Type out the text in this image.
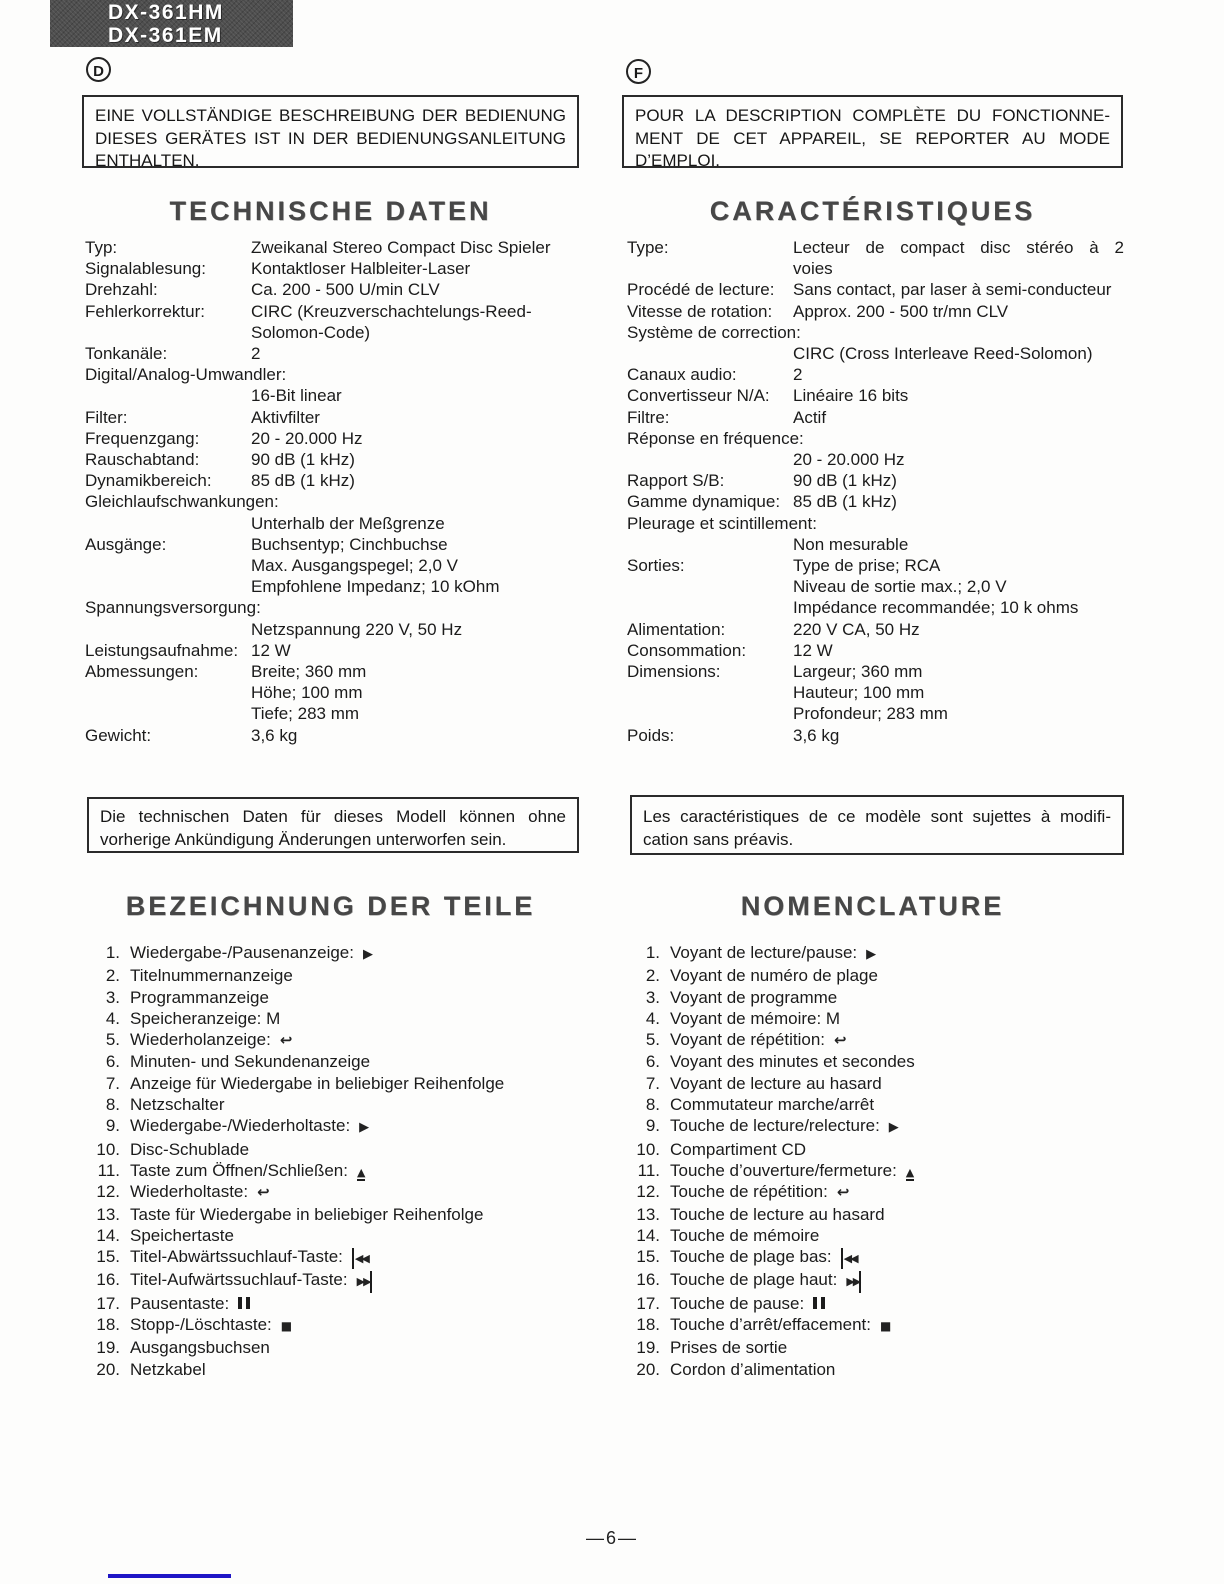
DX-361HM
DX-361EM
D	F
EINE VOLLSTÄNDIGE BESCHREIBUNG DER BEDIENUNG
DIESES GERÄTES IST IN DER BEDIENUNGSANLEITUNG
ENTHALTEN.
POUR LA DESCRIPTION COMPLÈTE DU FONCTIONNE-
MENT DE CET APPAREIL, SE REPORTER AU MODE
D’EMPLOI.
TECHNISCHE DATEN	CARACTÉRISTIQUES
Typ:	Zweikanal Stereo Compact Disc Spieler
Signalablesung:	Kontaktloser Halbleiter-Laser
Drehzahl:	Ca. 200 - 500 U/min CLV
Fehlerkorrektur:	CIRC (Kreuzverschachtelungs-Reed-
Solomon-Code)
Tonkanäle:	2
Digital/Analog-Umwandler:
16-Bit linear
Filter:	Aktivfilter
Frequenzgang:	20 - 20.000 Hz
Rauschabtand:	90 dB (1 kHz)
Dynamikbereich:	85 dB (1 kHz)
Gleichlaufschwankungen:
Unterhalb der Meßgrenze
Ausgänge:	Buchsentyp; Cinchbuchse
Max. Ausgangspegel; 2,0 V
Empfohlene Impedanz; 10 kOhm
Spannungsversorgung:
Netzspannung 220 V, 50 Hz
Leistungsaufnahme: 12 W
Abmessungen:	Breite; 360 mm
Höhe; 100 mm
Tiefe; 283 mm
Gewicht:	3,6 kg
Type:	Lecteur de compact disc stéréo à 2
voies
Procédé de lecture:	Sans contact, par laser à semi-conducteur
Vitesse de rotation:	Approx. 200 - 500 tr/mn CLV
Système de correction:
CIRC (Cross Interleave Reed-Solomon)
Canaux audio:	2
Convertisseur N/A:	Linéaire 16 bits
Filtre:	Actif
Réponse en fréquence:
20 - 20.000 Hz
Rapport S/B:	90 dB (1 kHz)
Gamme dynamique: 85 dB (1 kHz)
Pleurage et scintillement:
Non mesurable
Sorties:	Type de prise; RCA
Niveau de sortie max.; 2,0 V
Impédance recommandée; 10 k ohms
Alimentation:	220 V CA, 50 Hz
Consommation:	12 W
Dimensions:	Largeur; 360 mm
Hauteur; 100 mm
Profondeur; 283 mm
Poids:	3,6 kg
Die technischen Daten für dieses Modell können ohne
vorherige Ankündigung Änderungen unterworfen sein.
Les caractéristiques de ce modèle sont sujettes à modifi-
cation sans préavis.
BEZEICHNUNG DER TEILE	NOMENCLATURE
1. Wiedergabe-/Pausenanzeige: ▶
2. Titelnummernanzeige
3. Programmanzeige
4. Speicheranzeige: M
5. Wiederholanzeige: ↩
6. Minuten- und Sekundenanzeige
7. Anzeige für Wiedergabe in beliebiger Reihenfolge
8. Netzschalter
9. Wiedergabe-/Wiederholtaste: ▶
10. Disc-Schublade
11. Taste zum Öffnen/Schließen: ▲
12. Wiederholtaste: ↩
13. Taste für Wiedergabe in beliebiger Reihenfolge
14. Speichertaste
15. Titel-Abwärtssuchlauf-Taste: ◀◀
16. Titel-Aufwärtssuchlauf-Taste: ▶▶
17. Pausentaste:
18. Stopp-/Löschtaste: ■
19. Ausgangsbuchsen
20. Netzkabel
1. Voyant de lecture/pause: ▶
2. Voyant de numéro de plage
3. Voyant de programme
4. Voyant de mémoire: M
5. Voyant de répétition: ↩
6. Voyant des minutes et secondes
7. Voyant de lecture au hasard
8. Commutateur marche/arrêt
9. Touche de lecture/relecture: ▶
10. Compartiment CD
11. Touche d’ouverture/fermeture: ▲
12. Touche de répétition: ↩
13. Touche de lecture au hasard
14. Touche de mémoire
15. Touche de plage bas: ◀◀
16. Touche de plage haut: ▶▶
17. Touche de pause:
18. Touche d’arrêt/effacement: ■
19. Prises de sortie
20. Cordon d’alimentation
—6—
